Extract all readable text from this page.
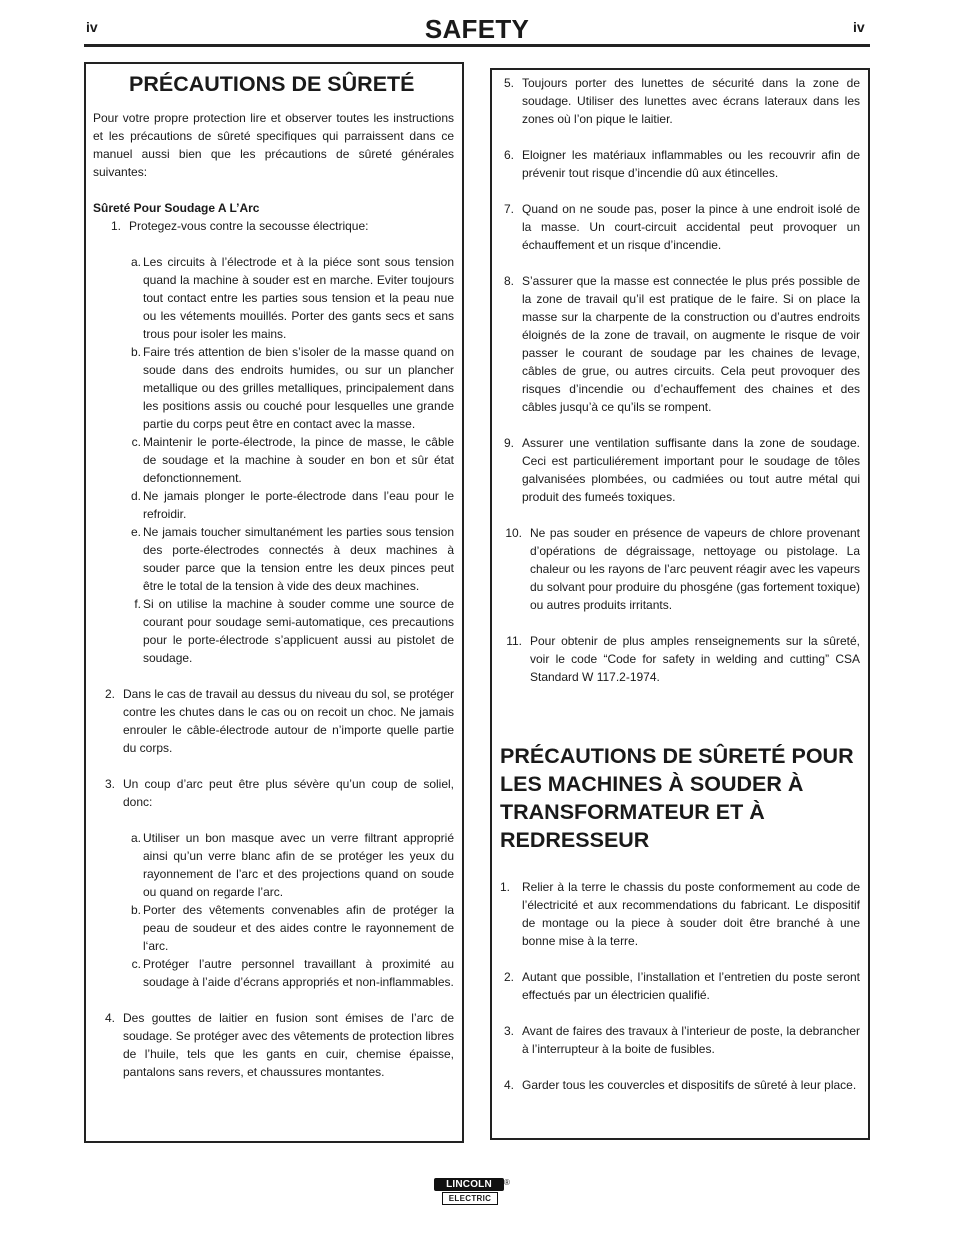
iv	SAFETY	iv
PRÉCAUTIONS DE SÛRETÉ

Pour votre propre protection lire et observer toutes les instructions et les précautions de sûreté specifiques qui parraissent dans ce manuel aussi bien que les précautions de sûreté générales suivantes:

Sûreté Pour Soudage A L’Arc
1. Protegez-vous contre la secousse électrique:
a. Les circuits à l’électrode et à la piéce sont sous tension quand la machine à souder est en marche. Eviter toujours tout contact entre les parties sous tension et la peau nue ou les vétements mouillés. Porter des gants secs et sans trous pour isoler les mains.
b. Faire trés attention de bien s’isoler de la masse quand on soude dans des endroits humides, ou sur un plancher metallique ou des grilles metalliques, principalement dans les positions assis ou couché pour lesquelles une grande partie du corps peut être en contact avec la masse.
c. Maintenir le porte-électrode, la pince de masse, le câble de soudage et la machine à souder en bon et sûr état defonctionnement.
d. Ne jamais plonger le porte-électrode dans l’eau pour le refroidir.
e. Ne jamais toucher simultanément les parties sous tension des porte-électrodes connectés à deux machines à souder parce que la tension entre les deux pinces peut être le total de la tension à vide des deux machines.
f. Si on utilise la machine à souder comme une source de courant pour soudage semi-automatique, ces precautions pour le porte-électrode s’applicuent aussi au pistolet de soudage.
2. Dans le cas de travail au dessus du niveau du sol, se protéger contre les chutes dans le cas ou on recoit un choc. Ne jamais enrouler le câble-électrode autour de n’importe quelle partie du corps.
3. Un coup d’arc peut être plus sévère qu’un coup de soliel, donc:
a. Utiliser un bon masque avec un verre filtrant approprié ainsi qu’un verre blanc afin de se protéger les yeux du rayonnement de l’arc et des projections quand on soude ou quand on regarde l’arc.
b. Porter des vêtements convenables afin de protéger la peau de soudeur et des aides contre le rayonnement de l‘arc.
c. Protéger l’autre personnel travaillant à proximité au soudage à l’aide d’écrans appropriés et non-inflammables.
4. Des gouttes de laitier en fusion sont émises de l’arc de soudage. Se protéger avec des vêtements de protection libres de l’huile, tels que les gants en cuir, chemise épaisse, pantalons sans revers, et chaussures montantes.
5. Toujours porter des lunettes de sécurité dans la zone de soudage. Utiliser des lunettes avec écrans lateraux dans les zones où l’on pique le laitier.
6. Eloigner les matériaux inflammables ou les recouvrir afin de prévenir tout risque d’incendie dû aux étincelles.
7. Quand on ne soude pas, poser la pince à une endroit isolé de la masse. Un court-circuit accidental peut provoquer un échauffement et un risque d’incendie.
8. S’assurer que la masse est connectée le plus prés possible de la zone de travail qu’il est pratique de le faire. Si on place la masse sur la charpente de la construction ou d’autres endroits éloignés de la zone de travail, on augmente le risque de voir passer le courant de soudage par les chaines de levage, câbles de grue, ou autres circuits. Cela peut provoquer des risques d’incendie ou d’echauffement des chaines et des câbles jusqu’à ce qu’ils se rompent.
9. Assurer une ventilation suffisante dans la zone de soudage. Ceci est particuliérement important pour le soudage de tôles galvanisées plombées, ou cadmiées ou tout autre métal qui produit des fumeés toxiques.
10. Ne pas souder en présence de vapeurs de chlore provenant d’opérations de dégraissage, nettoyage ou pistolage. La chaleur ou les rayons de l’arc peuvent réagir avec les vapeurs du solvant pour produire du phosgéne (gas fortement toxique) ou autres produits irritants.
11. Pour obtenir de plus amples renseignements sur la sûreté, voir le code “Code for safety in welding and cutting” CSA Standard W 117.2-1974.
PRÉCAUTIONS DE SÛRETÉ POUR LES MACHINES À SOUDER À TRANSFORMATEUR ET À REDRESSEUR
1. Relier à la terre le chassis du poste conformement au code de l’électricité et aux recommendations du fabricant. Le dispositif de montage ou la piece à souder doit être branché à une bonne mise à la terre.
2. Autant que possible, I’installation et l’entretien du poste seront effectués par un électricien qualifié.
3. Avant de faires des travaux à l’interieur de poste, la debrancher à l’interrupteur à la boite de fusibles.
4. Garder tous les couvercles et dispositifs de sûreté à leur place.
LINCOLN	®
ELECTRIC
